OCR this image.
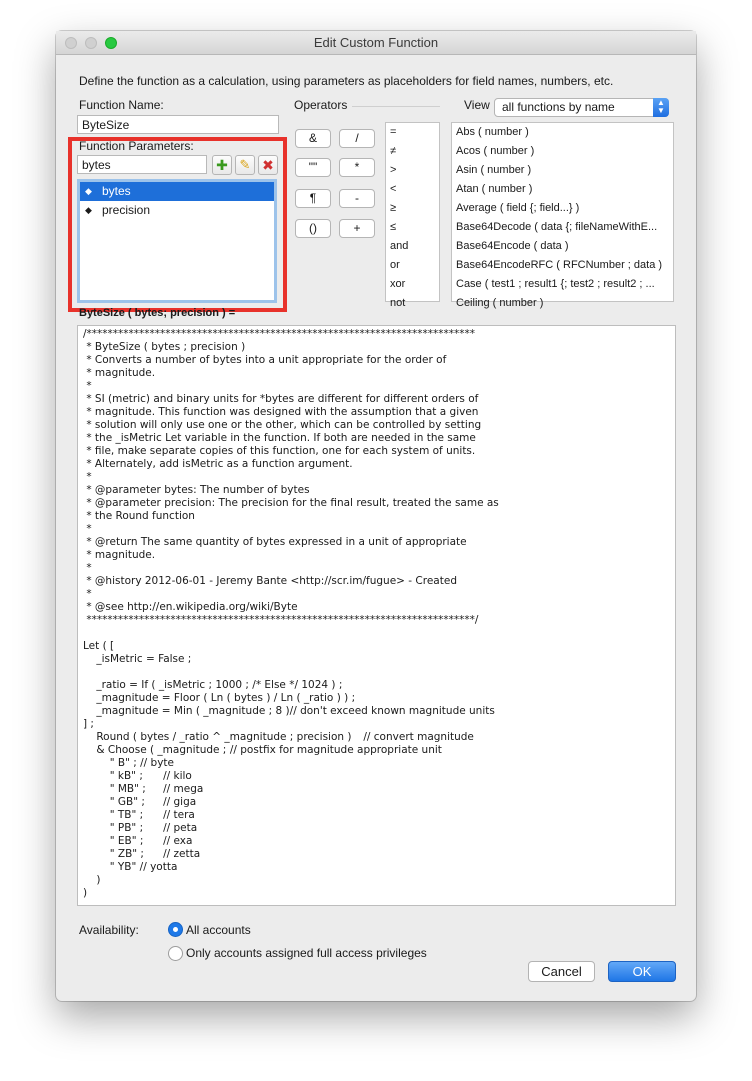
Edit Custom Function
Define the function as a calculation, using parameters as placeholders for field names, numbers, etc.
Function Name:
ByteSize
Function Parameters:
bytes	✚ ✎ ✖
◆ bytes
◆ precision
Operators
&	/
""	*
¶	-
()	+
=
≠
>
<
≥
≤
and
or
xor
not
View	all functions by name	▲
▼
Abs ( number )
Acos ( number )
Asin ( number )
Atan ( number )
Average ( field {; field...} )
Base64Decode ( data {; fileNameWithE...
Base64Encode ( data )
Base64EncodeRFC ( RFCNumber ; data )
Case ( test1 ; result1 {; test2 ; result2 ; ...
Ceiling ( number )
ByteSize ( bytes; precision ) =
/**************************************************************************
* ByteSize ( bytes ; precision )
* Converts a number of bytes into a unit appropriate for the order of
* magnitude.
*
* SI (metric) and binary units for *bytes are different for different orders of
* magnitude. This function was designed with the assumption that a given
* solution will only use one or the other, which can be controlled by setting
* the _isMetric Let variable in the function. If both are needed in the same
* file, make separate copies of this function, one for each system of units.
* Alternately, add isMetric as a function argument.
*
* @parameter bytes: The number of bytes
* @parameter precision: The precision for the final result, treated the same as
* the Round function
*
* @return The same quantity of bytes expressed in a unit of appropriate
* magnitude.
*
* @history 2012-06-01 - Jeremy Bante <http://scr.im/fugue> - Created
*
* @see http://en.wikipedia.org/wiki/Byte
**************************************************************************/

Let ( [
	_isMetric = False ;

	_ratio = If ( _isMetric ; 1000 ; /* Else */ 1024 ) ;
	_magnitude = Floor ( Ln ( bytes ) / Ln ( _ratio ) ) ;
	_magnitude = Min ( _magnitude ; 8 )// don't exceed known magnitude units
] ;
	Round ( bytes / _ratio ^ _magnitude ; precision )	// convert magnitude
	& Choose ( _magnitude ;	// postfix for magnitude appropriate unit
		" B" ; // byte
		" kB" ;		// kilo
		" MB" ;		// mega
		" GB" ;		// giga
		" TB" ;		// tera
		" PB" ;		// peta
		" EB" ;		// exa
		" ZB" ;		// zetta
		" YB" // yotta
	)
)
Availability:	All accounts
Only accounts assigned full access privileges
Cancel	OK
